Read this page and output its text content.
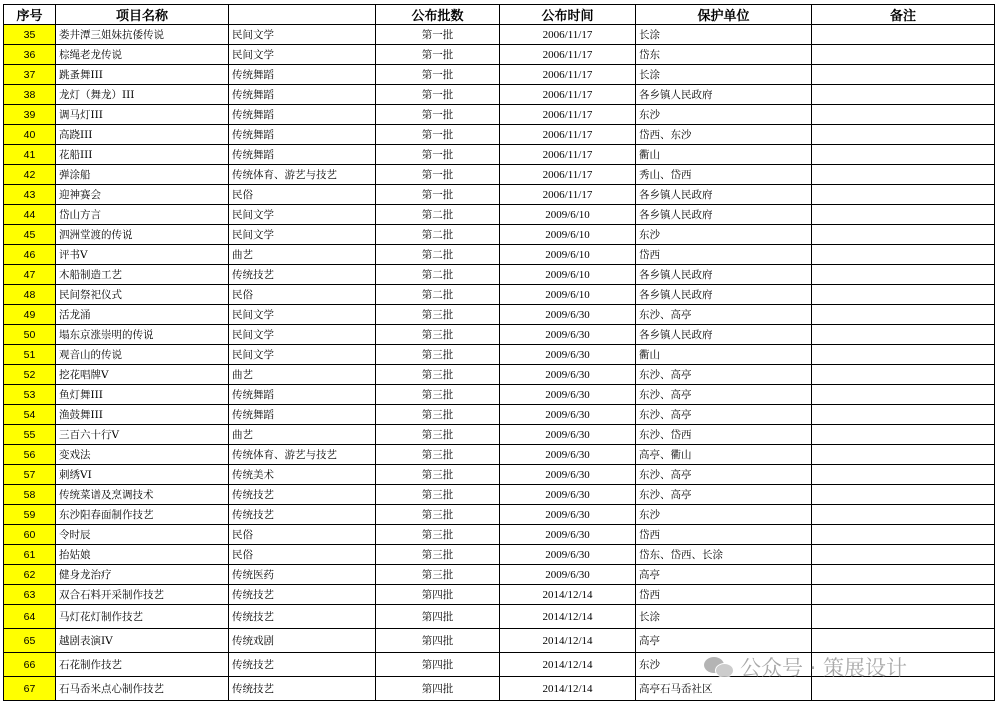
序号	项目名称		公布批数	公布时间	保护单位	备注
35	娄井潭三姐妹抗倭传说	民间文学	第一批	2006/11/17	长涂	
36	棕绳老龙传说	民间文学	第一批	2006/11/17	岱东	
37	跳蚤舞III	传统舞蹈	第一批	2006/11/17	长涂	
38	龙灯（舞龙）III	传统舞蹈	第一批	2006/11/17	各乡镇人民政府	
39	调马灯III	传统舞蹈	第一批	2006/11/17	东沙	
40	高跷III	传统舞蹈	第一批	2006/11/17	岱西、东沙	
41	花船III	传统舞蹈	第一批	2006/11/17	衢山	
42	弹涂船	传统体育、游艺与技艺	第一批	2006/11/17	秀山、岱西	
43	迎神赛会	民俗	第一批	2006/11/17	各乡镇人民政府	
44	岱山方言	民间文学	第二批	2009/6/10	各乡镇人民政府	
45	泗洲堂渡的传说	民间文学	第二批	2009/6/10	东沙	
46	评书V	曲艺	第二批	2009/6/10	岱西	
47	木船制造工艺	传统技艺	第二批	2009/6/10	各乡镇人民政府	
48	民间祭祀仪式	民俗	第二批	2009/6/10	各乡镇人民政府	
49	活龙涌	民间文学	第三批	2009/6/30	东沙、高亭	
50	塌东京涨崇明的传说	民间文学	第三批	2009/6/30	各乡镇人民政府	
51	观音山的传说	民间文学	第三批	2009/6/30	衢山	
52	挖花唱牌V	曲艺	第三批	2009/6/30	东沙、高亭	
53	鱼灯舞III	传统舞蹈	第三批	2009/6/30	东沙、高亭	
54	渔鼓舞III	传统舞蹈	第三批	2009/6/30	东沙、高亭	
55	三百六十行V	曲艺	第三批	2009/6/30	东沙、岱西	
56	变戏法	传统体育、游艺与技艺	第三批	2009/6/30	高亭、衢山	
57	刺绣VI	传统美术	第三批	2009/6/30	东沙、高亭	
58	传统菜谱及烹调技术	传统技艺	第三批	2009/6/30	东沙、高亭	
59	东沙阳春面制作技艺	传统技艺	第三批	2009/6/30	东沙	
60	令时辰	民俗	第三批	2009/6/30	岱西	
61	抬姑娘	民俗	第三批	2009/6/30	岱东、岱西、长涂	
62	健身龙治疗	传统医药	第三批	2009/6/30	高亭	
63	双合石料开采制作技艺	传统技艺	第四批	2014/12/14	岱西	
64	马灯花灯制作技艺	传统技艺	第四批	2014/12/14	长涂	
65	越剧表演IV	传统戏剧	第四批	2014/12/14	高亭	
66	石花制作技艺	传统技艺	第四批	2014/12/14	东沙	
67	石马岙米点心制作技艺	传统技艺	第四批	2014/12/14	高亭石马岙社区	
公众号 · 策展设计
